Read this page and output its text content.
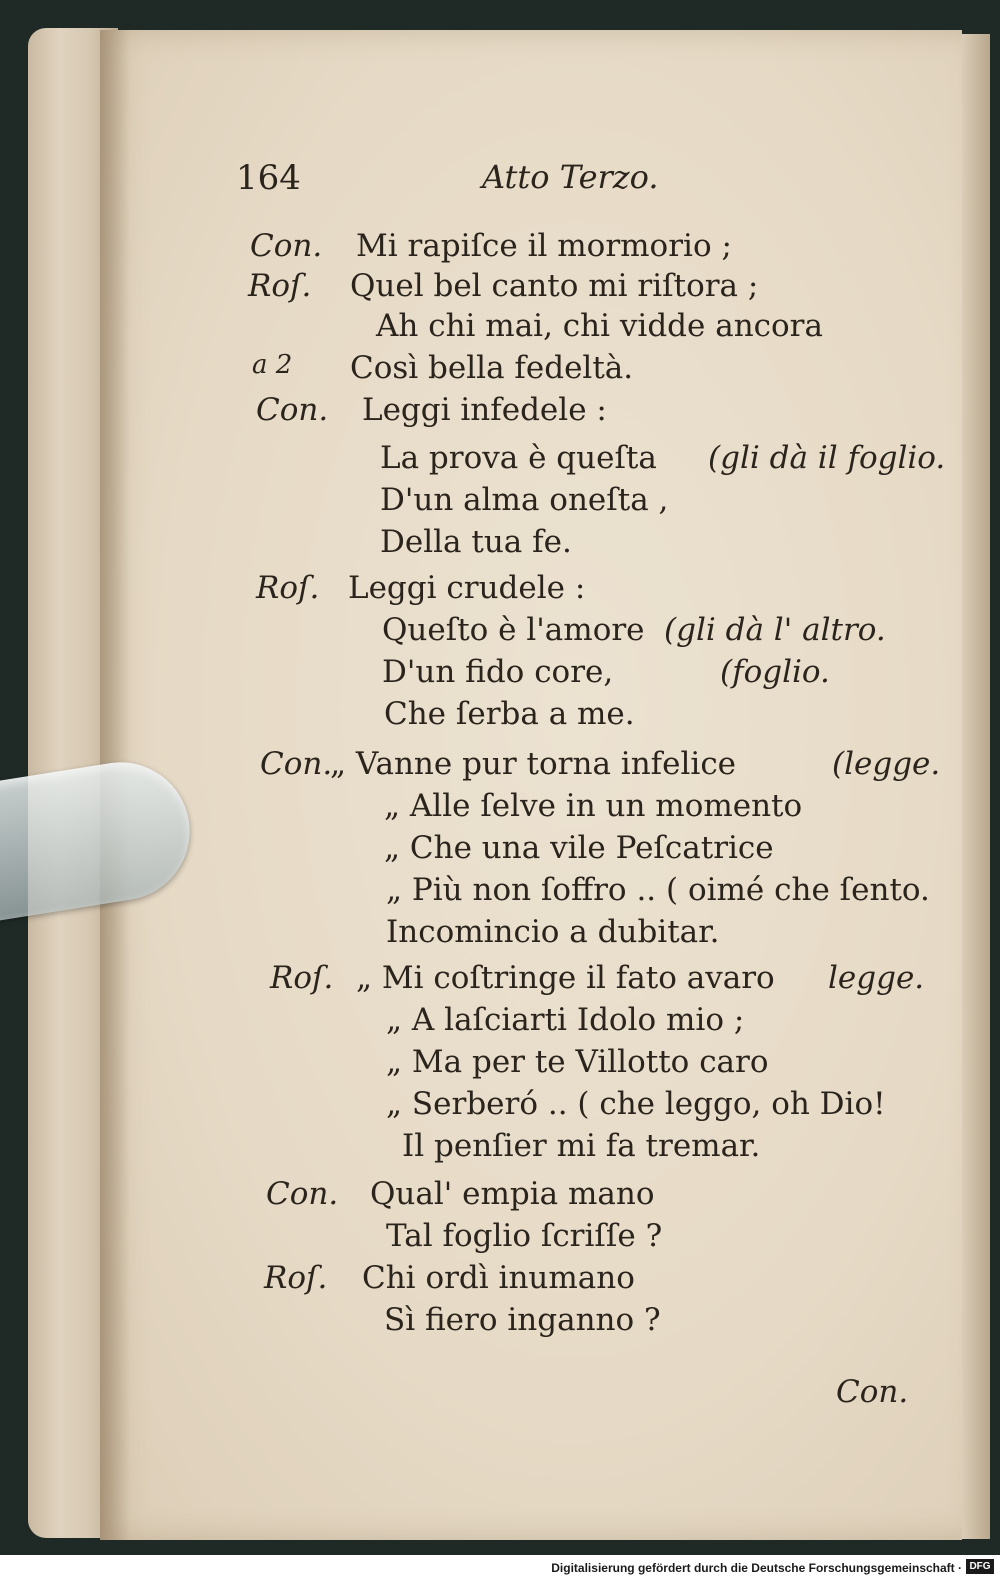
164	Atto Terzo.
Con. Mi rapiſce il mormorio ;
Roſ. Quel bel canto mi riſtora ;
Ah chi mai, chi vidde ancora
a 2 Così bella fedeltà.
Con. Leggi infedele :
La prova è queſta (gli dà il foglio.
D'un alma oneſta ,
Della tua fe.
Roſ. Leggi crudele :
Queſto è l'amore (gli dà l' altro.
D'un fido core,	(foglio.
Che ſerba a me.
Con.
„ Vanne pur torna infelice	(legge.
„ Alle ſelve in un momento
„ Che una vile Peſcatrice
„ Più non ſoffro .. ( oimé che ſento.
Incomincio a dubitar.
Roſ. „ Mi coſtringe il fato avaro legge.
„ A laſciarti Idolo mio ;
„ Ma per te Villotto caro
„ Serberó .. ( che leggo, oh Dio!
Il penſier mi fa tremar.
Con. Qual' empia mano
Tal foglio ſcriſſe ?
Roſ. Chi ordì inumano
Sì fiero inganno ?
Con.
Digitalisierung gefördert durch die Deutsche Forschungsgemeinschaft · DFG
